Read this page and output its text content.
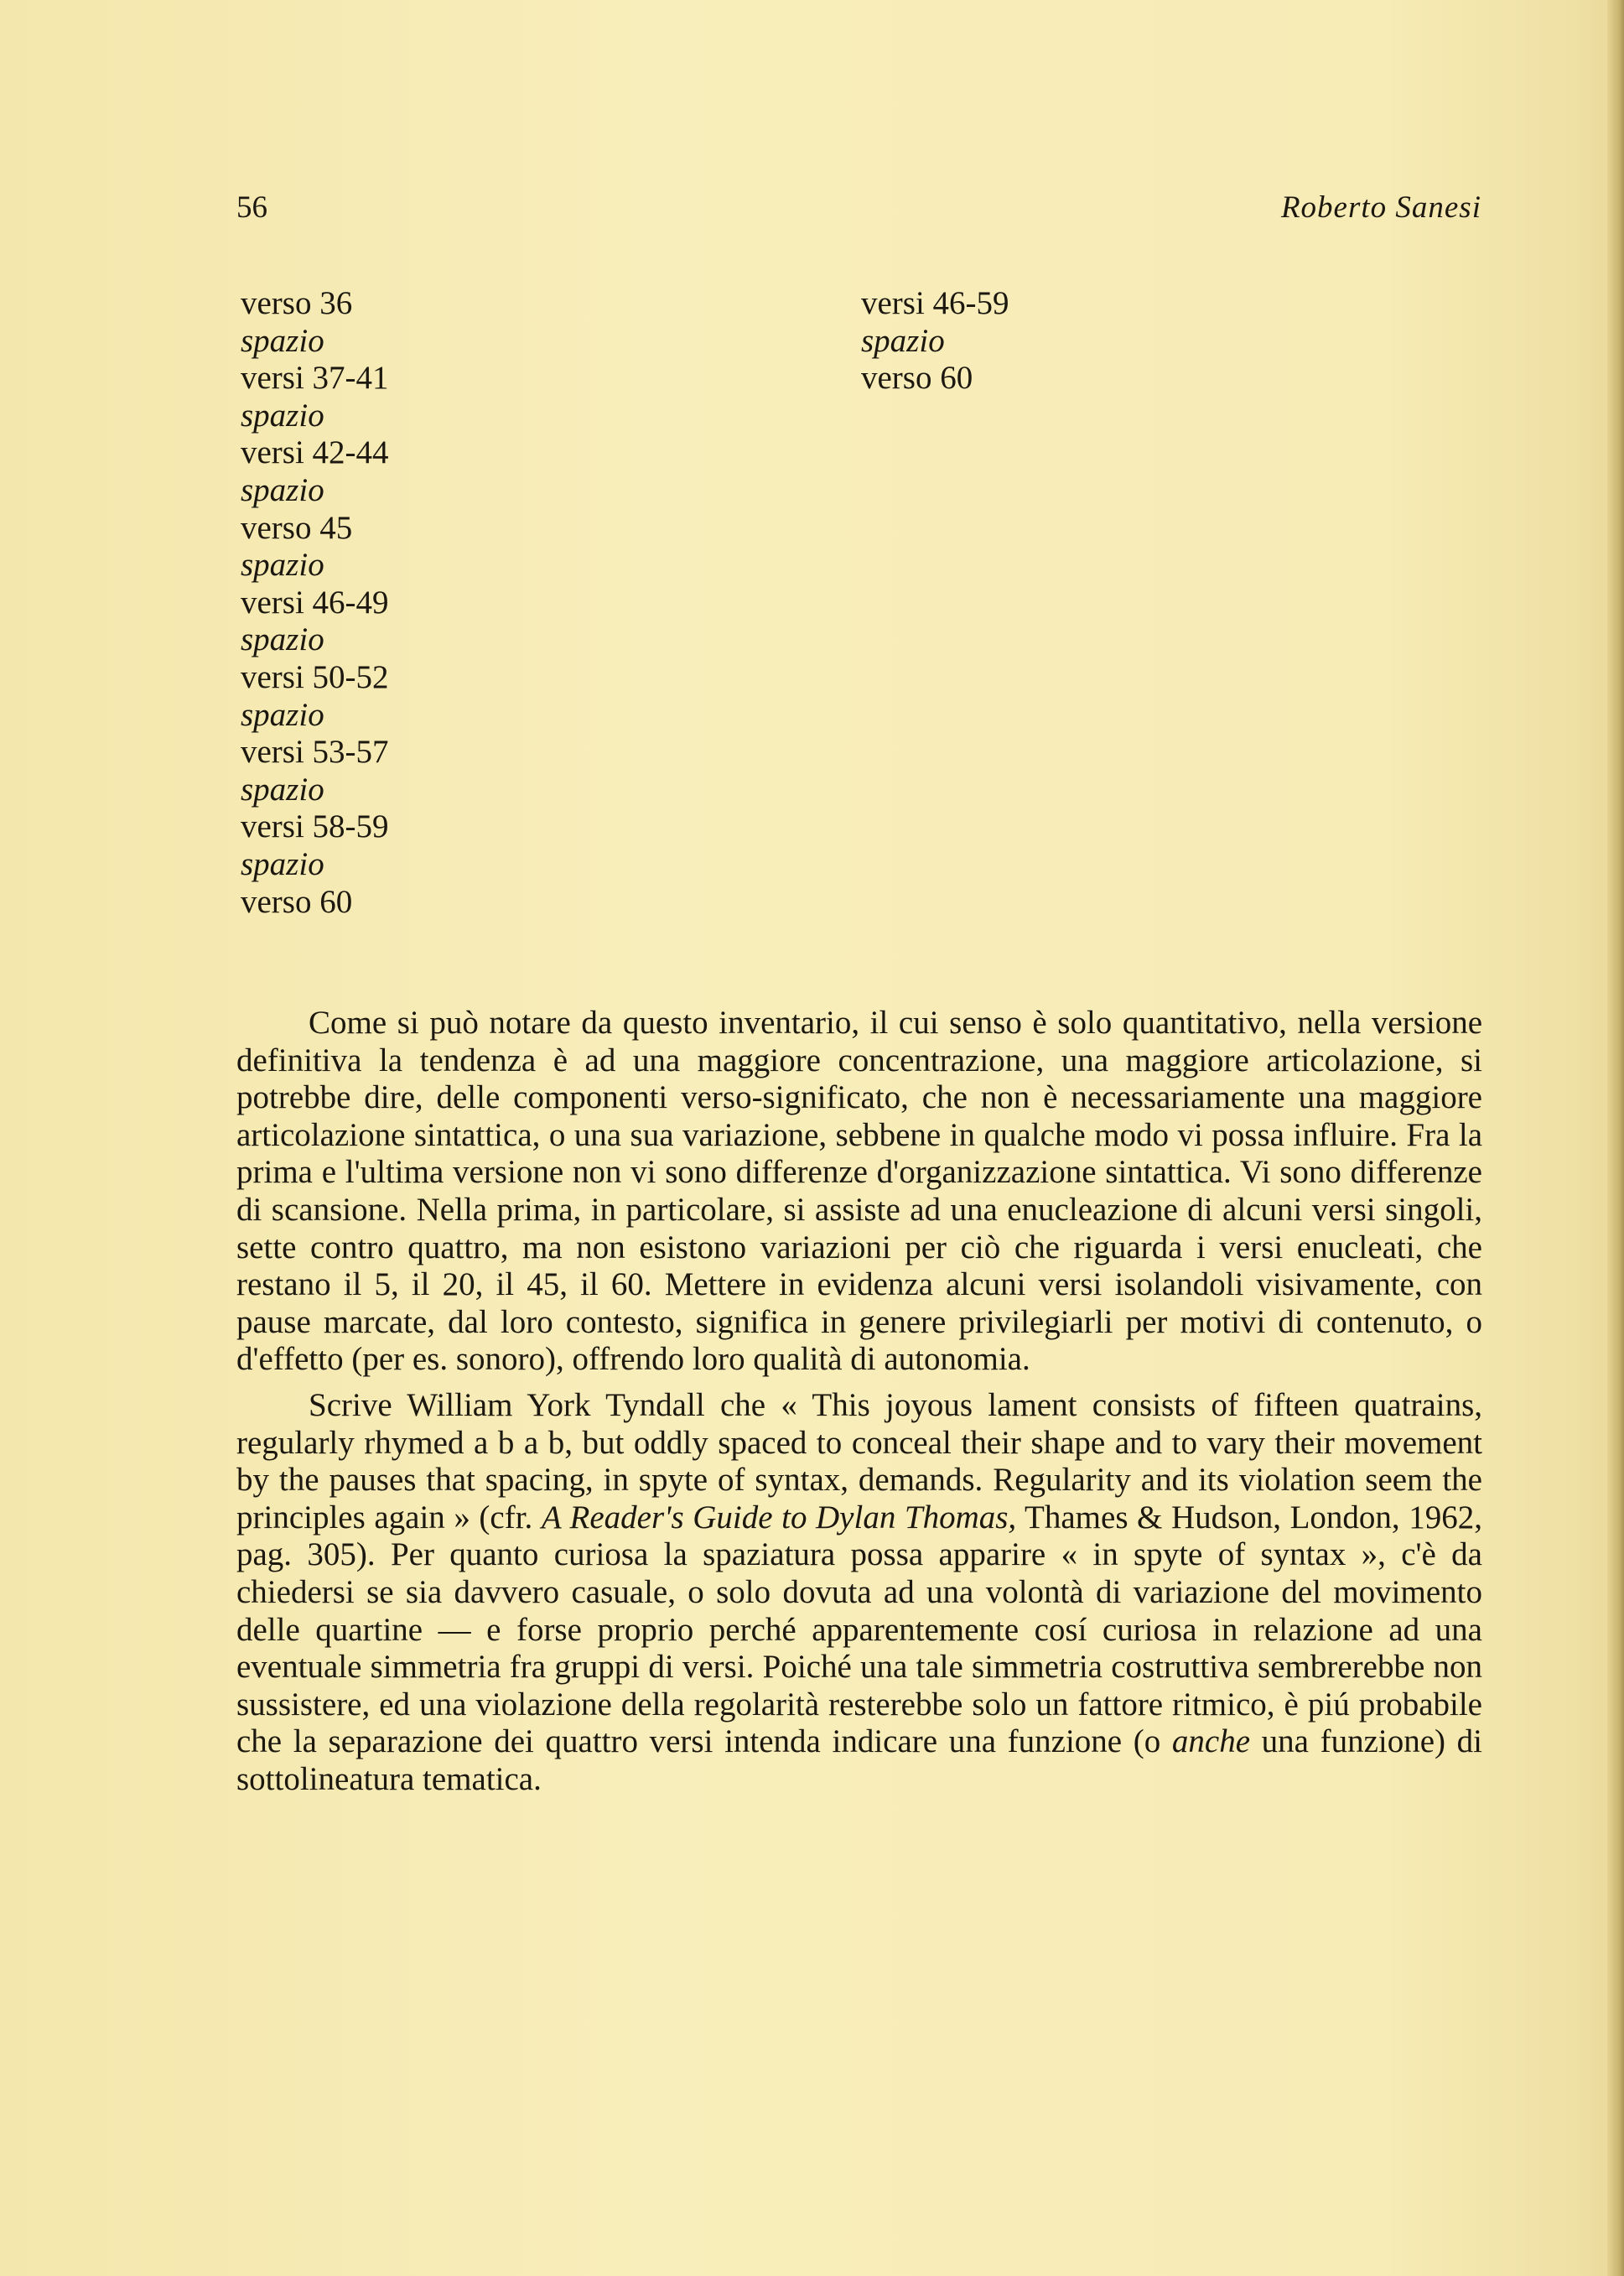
56	Roberto Sanesi
verso 36
spazio
versi 37-41
spazio
versi 42-44
spazio
verso 45
spazio
versi 46-49
spazio
versi 50-52
spazio
versi 53-57
spazio
versi 58-59
spazio
verso 60
versi 46-59
spazio
verso 60

Come si può notare da questo inventario, il cui senso è solo quantitativo, nella versione definitiva la tendenza è ad una maggiore concentrazione, una maggiore articolazione, si potrebbe dire, delle componenti verso-significato, che non è necessariamente una maggiore articolazione sintattica, o una sua variazione, sebbene in qualche modo vi possa influire. Fra la prima e l'ultima versione non vi sono differenze d'organizzazione sintattica. Vi sono differenze di scansione. Nella prima, in particolare, si assiste ad una enucleazione di alcuni versi singoli, sette contro quattro, ma non esistono variazioni per ciò che riguarda i versi enucleati, che restano il 5, il 20, il 45, il 60. Mettere in evidenza alcuni versi isolandoli visivamente, con pause marcate, dal loro contesto, significa in genere privilegiarli per motivi di contenuto, o d'effetto (per es. sonoro), offrendo loro qualità di autonomia.

Scrive William York Tyndall che « This joyous lament consists of fifteen quatrains, regularly rhymed a b a b, but oddly spaced to conceal their shape and to vary their movement by the pauses that spacing, in spyte of syntax, demands. Regularity and its violation seem the principles again » (cfr. A Reader's Guide to Dylan Thomas, Thames & Hudson, London, 1962, pag. 305). Per quanto curiosa la spaziatura possa apparire « in spyte of syntax », c'è da chiedersi se sia davvero casuale, o solo dovuta ad una volontà di variazione del movimento delle quartine — e forse proprio perché apparentemente cosí curiosa in relazione ad una eventuale simmetria fra gruppi di versi. Poiché una tale simmetria costruttiva sembrerebbe non sussistere, ed una violazione della regolarità resterebbe solo un fattore ritmico, è piú probabile che la separazione dei quattro versi intenda indicare una funzione (o anche una funzione) di sottolineatura tematica.
